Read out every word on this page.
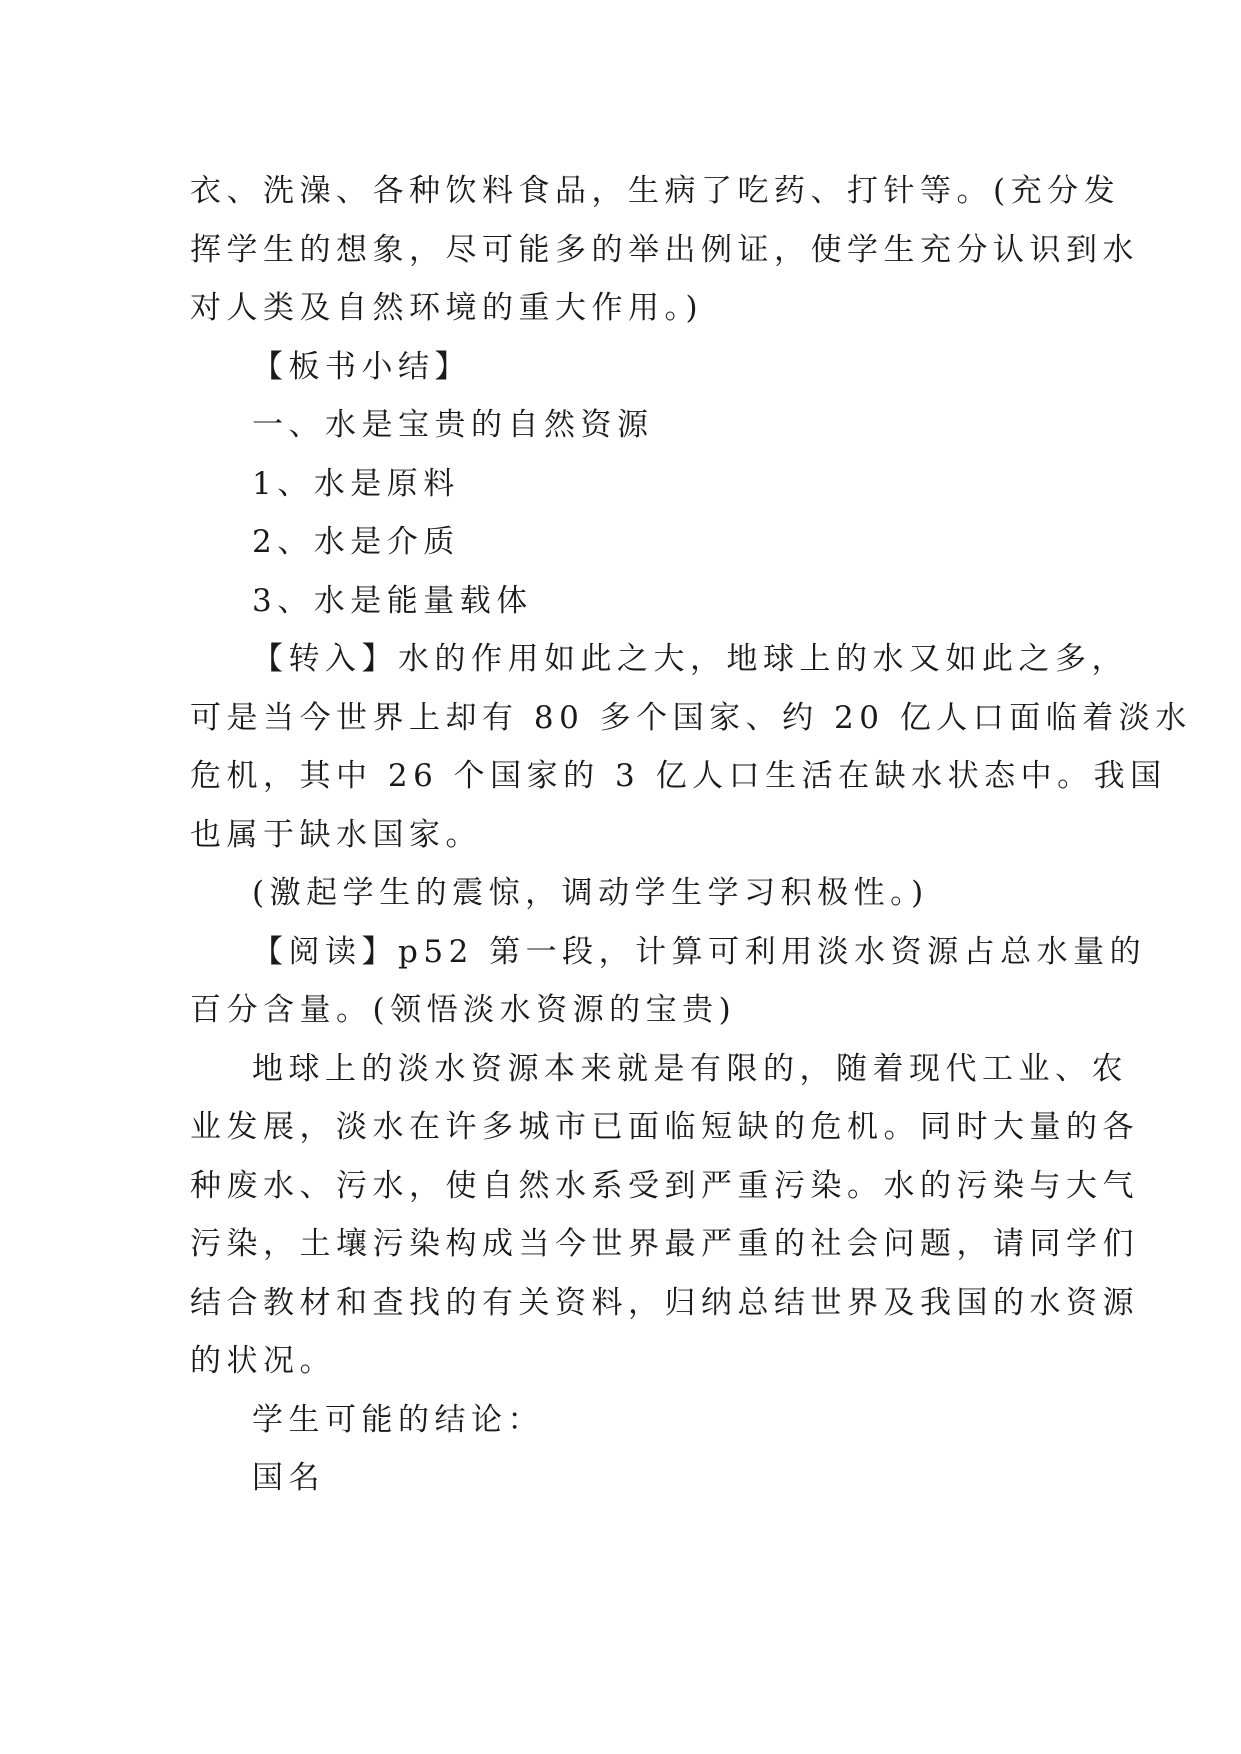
衣、洗澡、各种饮料食品，生病了吃药、打针等。(充分发
挥学生的想象，尽可能多的举出例证，使学生充分认识到水
对人类及自然环境的重大作用。)
【板书小结】
一、水是宝贵的自然资源
1、水是原料
2、水是介质
3、水是能量载体
【转入】水的作用如此之大，地球上的水又如此之多，
可是当今世界上却有 80 多个国家、约 20 亿人口面临着淡水
危机，其中 26 个国家的 3 亿人口生活在缺水状态中。我国
也属于缺水国家。
(激起学生的震惊，调动学生学习积极性。)
【阅读】p52 第一段，计算可利用淡水资源占总水量的
百分含量。(领悟淡水资源的宝贵)
地球上的淡水资源本来就是有限的，随着现代工业、农
业发展，淡水在许多城市已面临短缺的危机。同时大量的各
种废水、污水，使自然水系受到严重污染。水的污染与大气
污染，土壤污染构成当今世界最严重的社会问题，请同学们
结合教材和查找的有关资料，归纳总结世界及我国的水资源
的状况。
学生可能的结论：
国名
